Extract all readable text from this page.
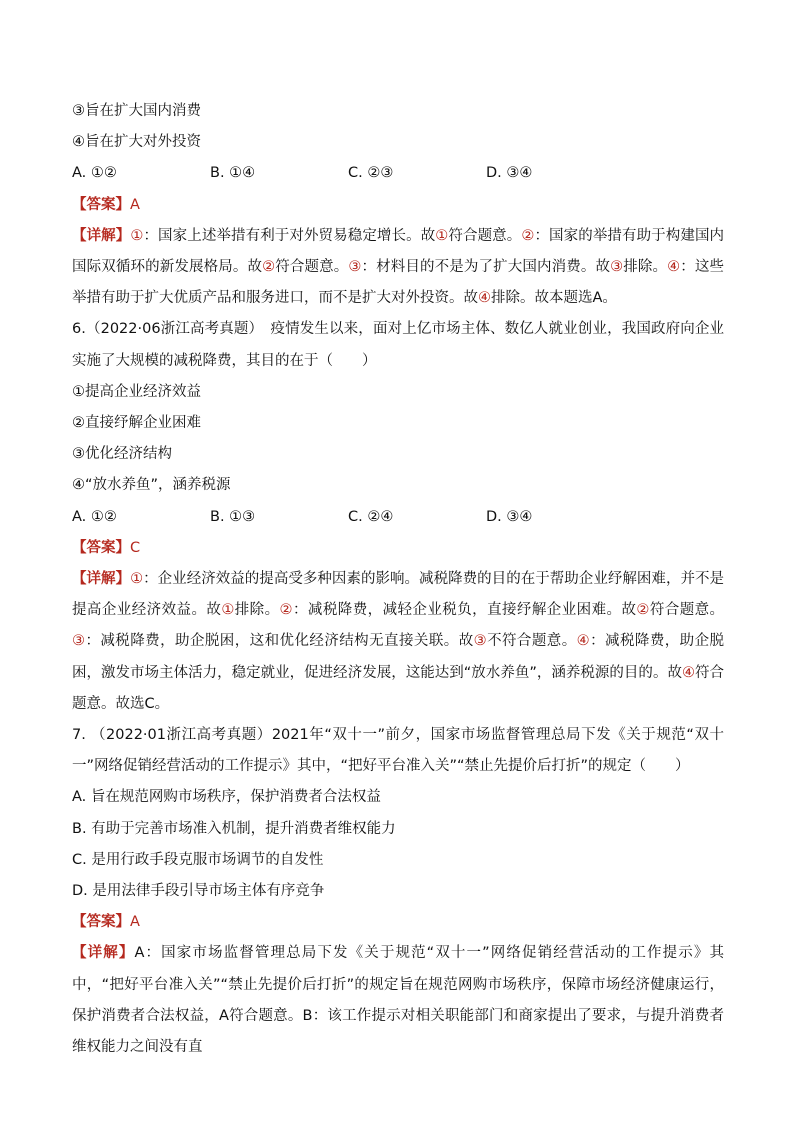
③旨在扩大国内消费
④旨在扩大对外投资
A. ①②	B. ①④	C. ②③	D. ③④
【答案】A
【详解】①：国家上述举措有利于对外贸易稳定增长。故①符合题意。②：国家的举措有助于构建国内国际双循环的新发展格局。故②符合题意。③：材料目的不是为了扩大国内消费。故③排除。④：这些举措有助于扩大优质产品和服务进口，而不是扩大对外投资。故④排除。故本题选A。
6.（2022·06浙江高考真题）　疫情发生以来，面对上亿市场主体、数亿人就业创业，我国政府向企业实施了大规模的减税降费，其目的在于（　　）
①提高企业经济效益
②直接纾解企业困难
③优化经济结构
④“放水养鱼”，涵养税源
A. ①②	B. ①③	C. ②④	D. ③④
【答案】C
【详解】①：企业经济效益的提高受多种因素的影响。减税降费的目的在于帮助企业纾解困难，并不是提高企业经济效益。故①排除。②：减税降费，减轻企业税负，直接纾解企业困难。故②符合题意。③：减税降费，助企脱困，这和优化经济结构无直接关联。故③不符合题意。④：减税降费，助企脱困，激发市场主体活力，稳定就业，促进经济发展，这能达到“放水养鱼”，涵养税源的目的。故④符合题意。故选C。
7. （2022·01浙江高考真题）2021年“双十一”前夕，国家市场监督管理总局下发《关于规范“双十一”网络促销经营活动的工作提示》其中，“把好平台准入关”“禁止先提价后打折”的规定（　　）
A. 旨在规范网购市场秩序，保护消费者合法权益
B. 有助于完善市场准入机制，提升消费者维权能力
C. 是用行政手段克服市场调节的自发性
D. 是用法律手段引导市场主体有序竞争
【答案】A
【详解】A：国家市场监督管理总局下发《关于规范“双十一”网络促销经营活动的工作提示》其中，“把好平台准入关”“禁止先提价后打折”的规定旨在规范网购市场秩序，保障市场经济健康运行，保护消费者合法权益，A符合题意。B：该工作提示对相关职能部门和商家提出了要求，与提升消费者维权能力之间没有直
